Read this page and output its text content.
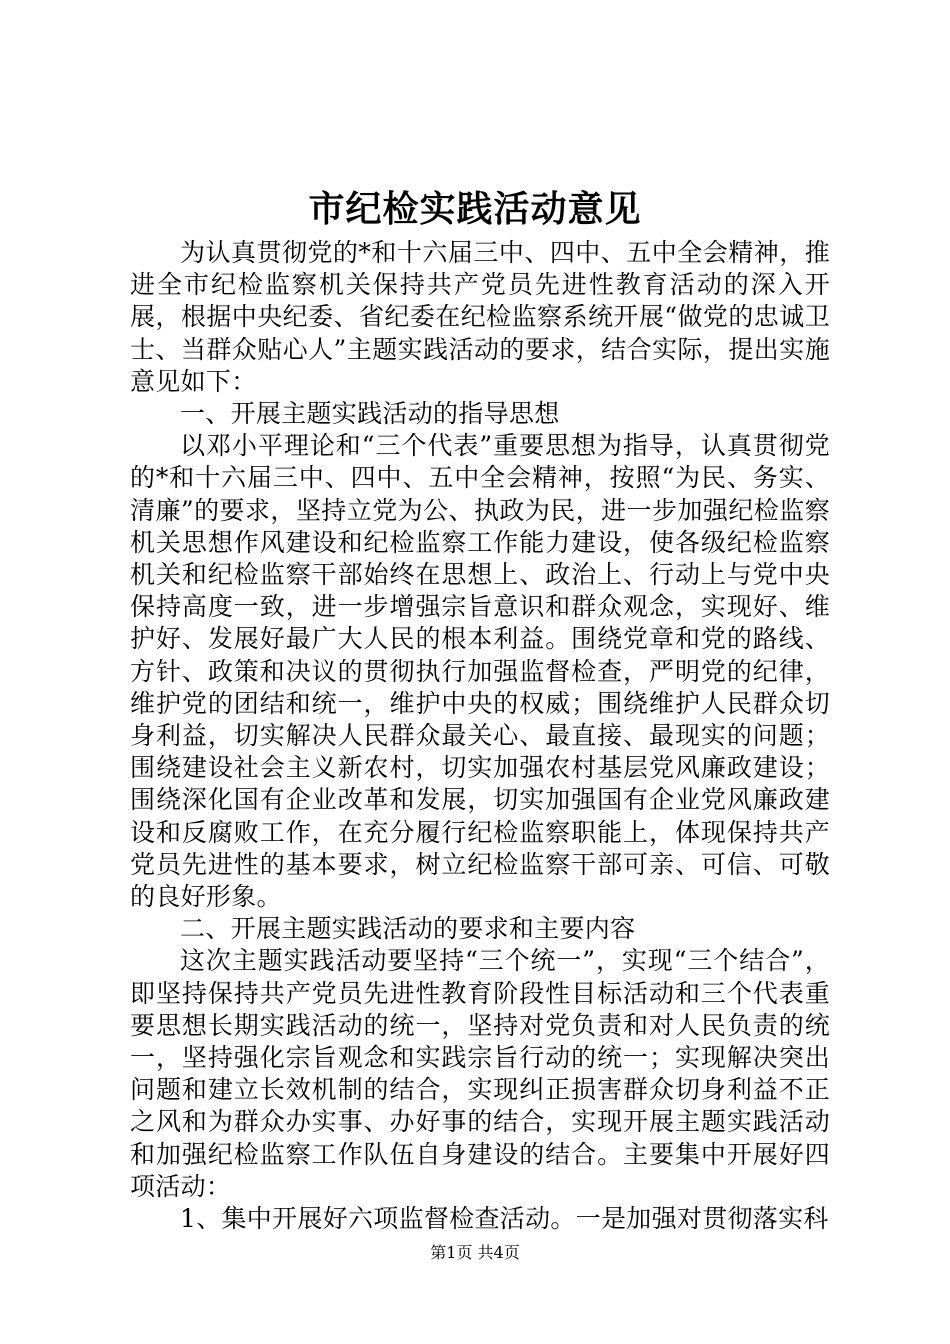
市纪检实践活动意见

为认真贯彻党的*和十六届三中、四中、五中全会精神，推进全市纪检监察机关保持共产党员先进性教育活动的深入开展，根据中央纪委、省纪委在纪检监察系统开展“做党的忠诚卫士、当群众贴心人”主题实践活动的要求，结合实际，提出实施意见如下：

一、开展主题实践活动的指导思想

以邓小平理论和“三个代表”重要思想为指导，认真贯彻党的*和十六届三中、四中、五中全会精神，按照“为民、务实、清廉”的要求，坚持立党为公、执政为民，进一步加强纪检监察机关思想作风建设和纪检监察工作能力建设，使各级纪检监察机关和纪检监察干部始终在思想上、政治上、行动上与党中央保持高度一致，进一步增强宗旨意识和群众观念，实现好、维护好、发展好最广大人民的根本利益。围绕党章和党的路线、方针、政策和决议的贯彻执行加强监督检查，严明党的纪律，维护党的团结和统一，维护中央的权威；围绕维护人民群众切身利益，切实解决人民群众最关心、最直接、最现实的问题；围绕建设社会主义新农村，切实加强农村基层党风廉政建设；围绕深化国有企业改革和发展，切实加强国有企业党风廉政建设和反腐败工作，在充分履行纪检监察职能上，体现保持共产党员先进性的基本要求，树立纪检监察干部可亲、可信、可敬的良好形象。

二、开展主题实践活动的要求和主要内容

这次主题实践活动要坚持“三个统一”，实现“三个结合”，即坚持保持共产党员先进性教育阶段性目标活动和三个代表重要思想长期实践活动的统一，坚持对党负责和对人民负责的统一，坚持强化宗旨观念和实践宗旨行动的统一；实现解决突出问题和建立长效机制的结合，实现纠正损害群众切身利益不正之风和为群众办实事、办好事的结合，实现开展主题实践活动和加强纪检监察工作队伍自身建设的结合。主要集中开展好四项活动：

1、集中开展好六项监督检查活动。一是加强对贯彻落实科

第1页 共4页
